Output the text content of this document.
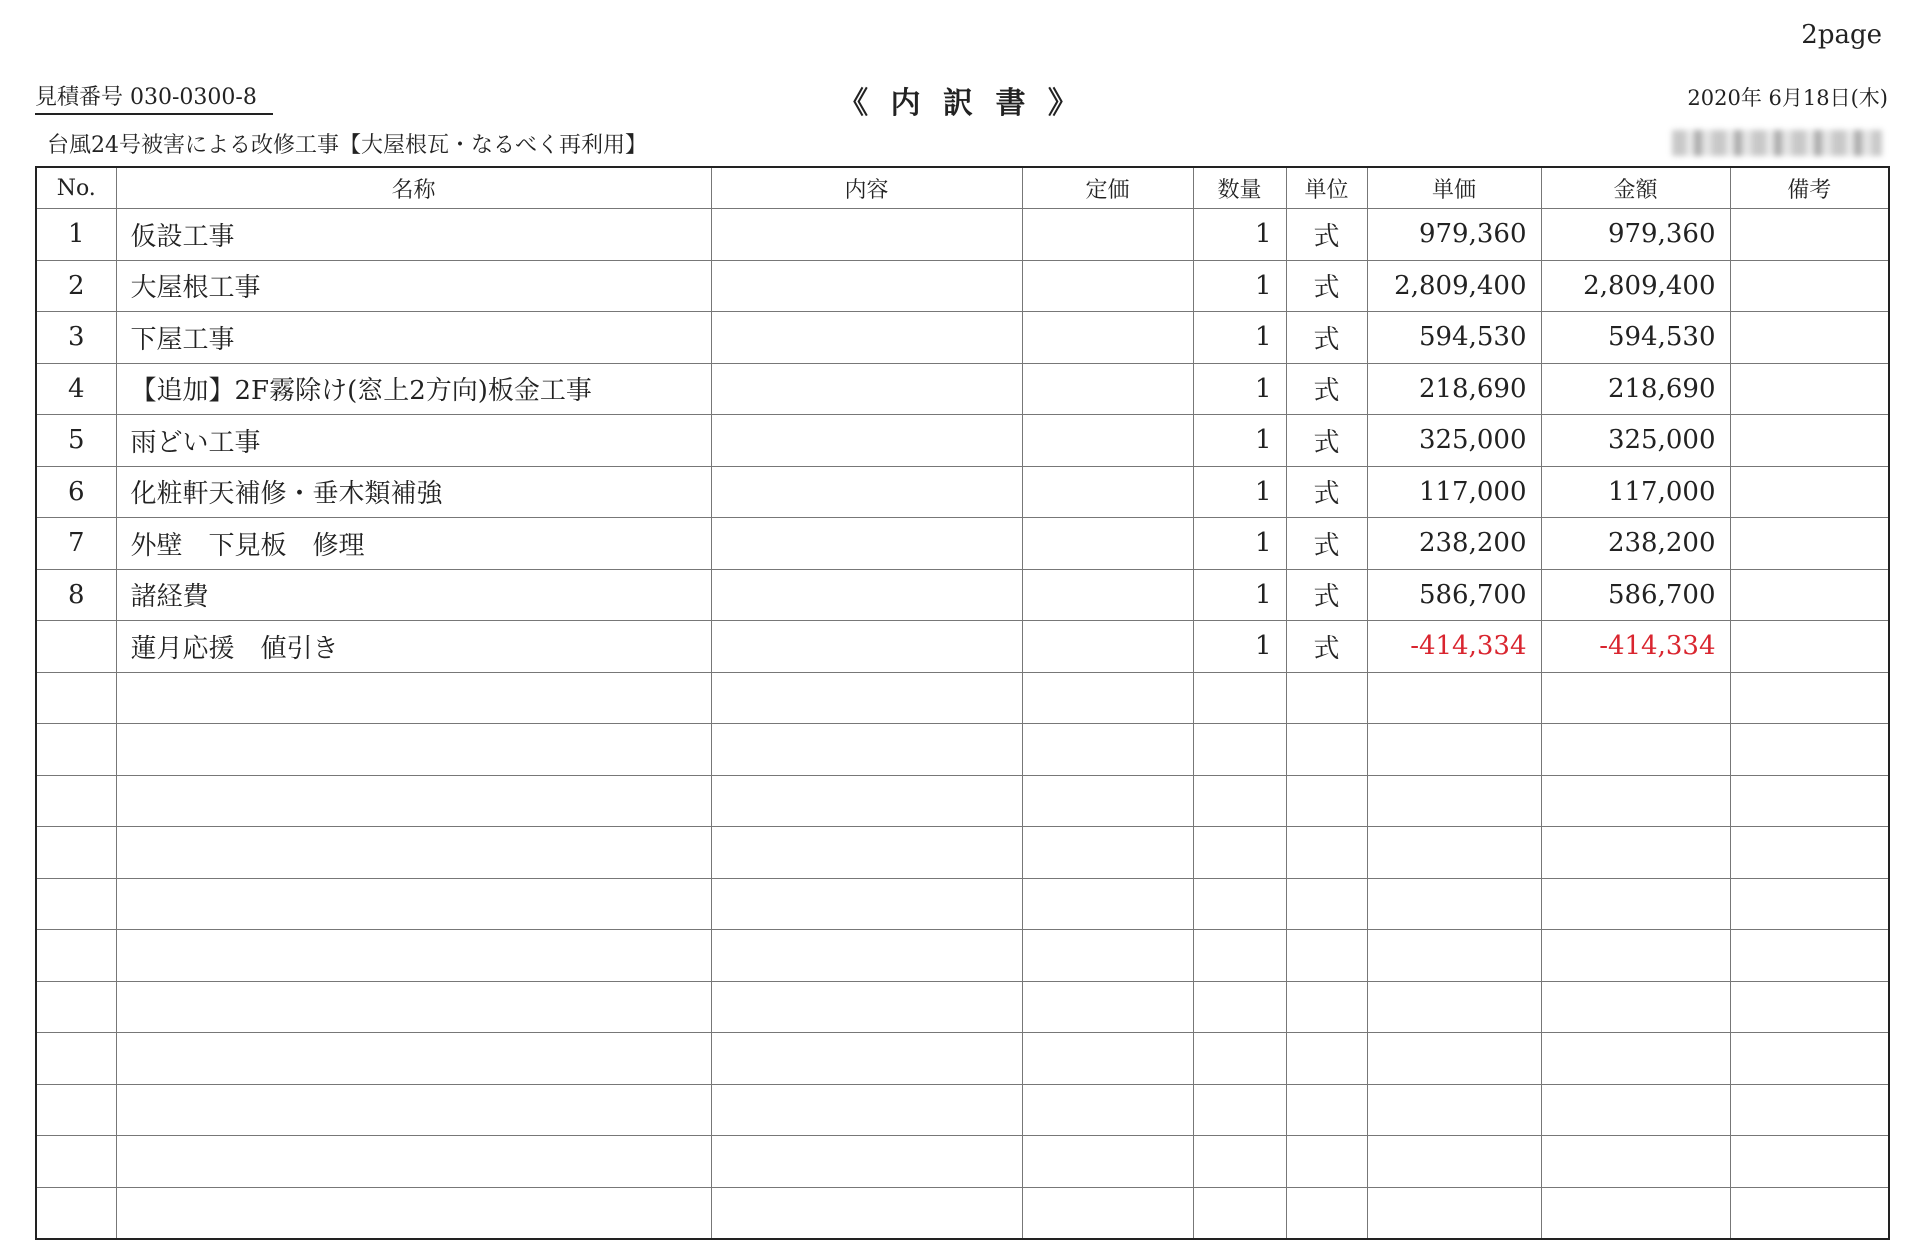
2page
見積番号 030-0300-8	《 内 訳 書 》	2020年 6月18日(木)
台風24号被害による改修工事【大屋根瓦・なるべく再利用】
No.	名称	内容	定価	数量	単位	単価	金額	備考
1	仮設工事			1	式	979,360	979,360	
2	大屋根工事			1	式	2,809,400	2,809,400	
3	下屋工事			1	式	594,530	594,530	
4	【追加】2F霧除け(窓上2方向)板金工事			1	式	218,690	218,690	
5	雨どい工事			1	式	325,000	325,000	
6	化粧軒天補修・垂木類補強			1	式	117,000	117,000	
7	外壁　下見板　修理			1	式	238,200	238,200	
8	諸経費			1	式	586,700	586,700	
	蓮月応援　値引き			1	式	-414,334	-414,334	
